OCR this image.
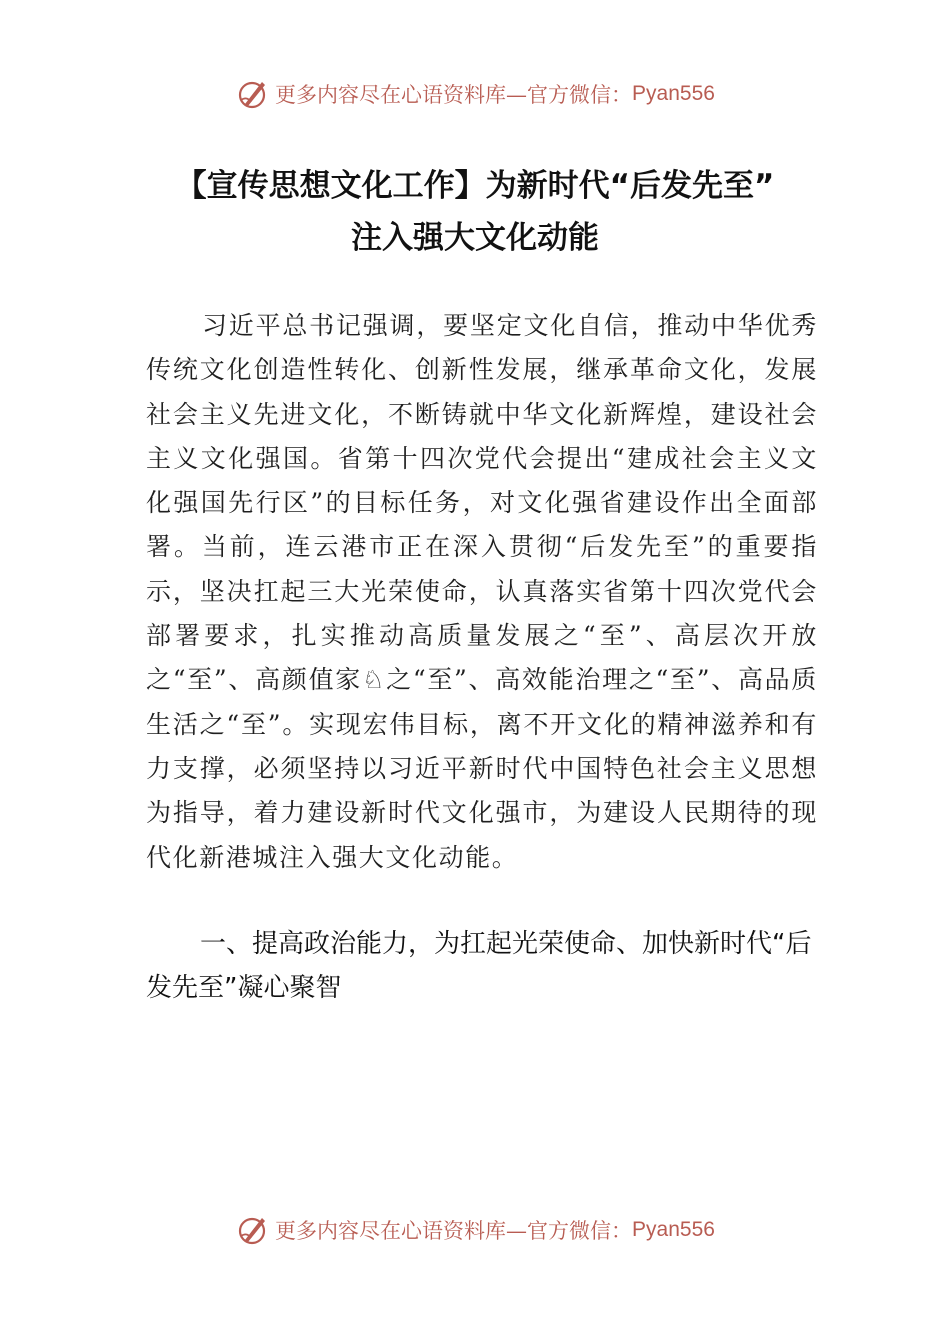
更多内容尽在心语资料库—官方微信： Pyan556
【宣传思想文化工作】为新时代“后发先至”
注入强大文化动能

习近平总书记强调，要坚定文化自信，推动中华优秀传统文化创造性转化、创新性发展，继承革命文化，发展社会主义先进文化，不断铸就中华文化新辉煌，建设社会主义文化强国。省第十四次党代会提出“建成社会主义文化强国先行区”的目标任务，对文化强省建设作出全面部署。当前，连云港市正在深入贯彻“后发先至”的重要指示，坚决扛起三大光荣使命，认真落实省第十四次党代会部署要求，扎实推动高质量发展之“至”、高层次开放之“至”、高颜值家♘之“至”、高效能治理之“至”、高品质生活之“至”。实现宏伟目标，离不开文化的精神滋养和有力支撑，必须坚持以习近平新时代中国特色社会主义思想为指导，着力建设新时代文化强市，为建设人民期待的现代化新港城注入强大文化动能。

一、提高政治能力，为扛起光荣使命、加快新时代“后发先至”凝心聚智

更多内容尽在心语资料库—官方微信： Pyan556
